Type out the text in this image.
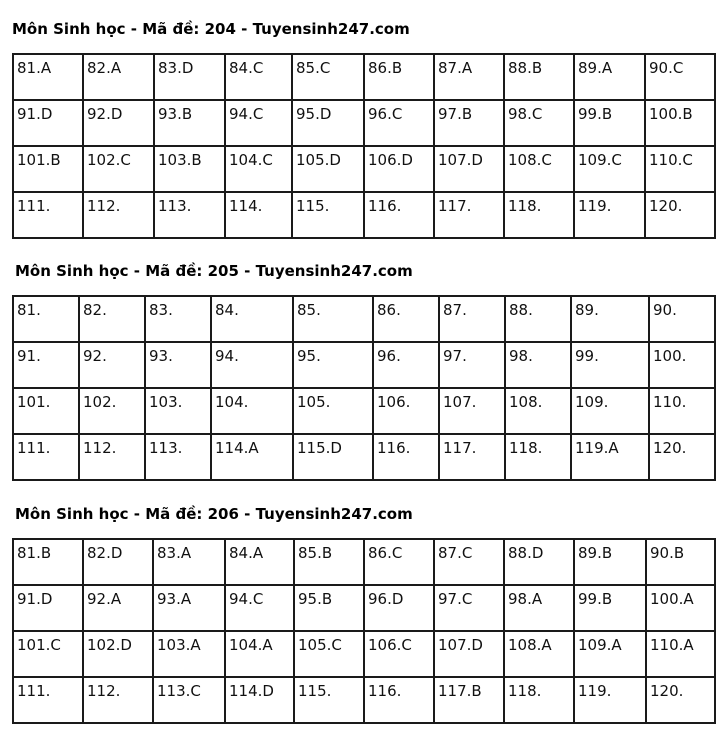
Môn Sinh học - Mã đề: 204 - Tuyensinh247.com
81.A	82.A	83.D	84.C	85.C	86.B	87.A	88.B	89.A	90.C

91.D	92.D	93.B	94.C	95.D	96.C	97.B	98.C	99.B	100.B

101.B	102.C	103.B	104.C	105.D	106.D	107.D	108.C	109.C	110.C

111.	112.	113.	114.	115.	116.	117.	118.	119.	120.
Môn Sinh học - Mã đề: 205 - Tuyensinh247.com
81.	82.	83.	84.	85.	86.	87.	88.	89.	90.

91.	92.	93.	94.	95.	96.	97.	98.	99.	100.

101.	102.	103.	104.	105.	106.	107.	108.	109.	110.

111.	112.	113.	114.A	115.D	116.	117.	118.	119.A	120.
Môn Sinh học - Mã đề: 206 - Tuyensinh247.com
81.B	82.D	83.A	84.A	85.B	86.C	87.C	88.D	89.B	90.B

91.D	92.A	93.A	94.C	95.B	96.D	97.C	98.A	99.B	100.A

101.C	102.D	103.A	104.A	105.C	106.C	107.D	108.A	109.A	110.A

111.	112.	113.C	114.D	115.	116.	117.B	118.	119.	120.
